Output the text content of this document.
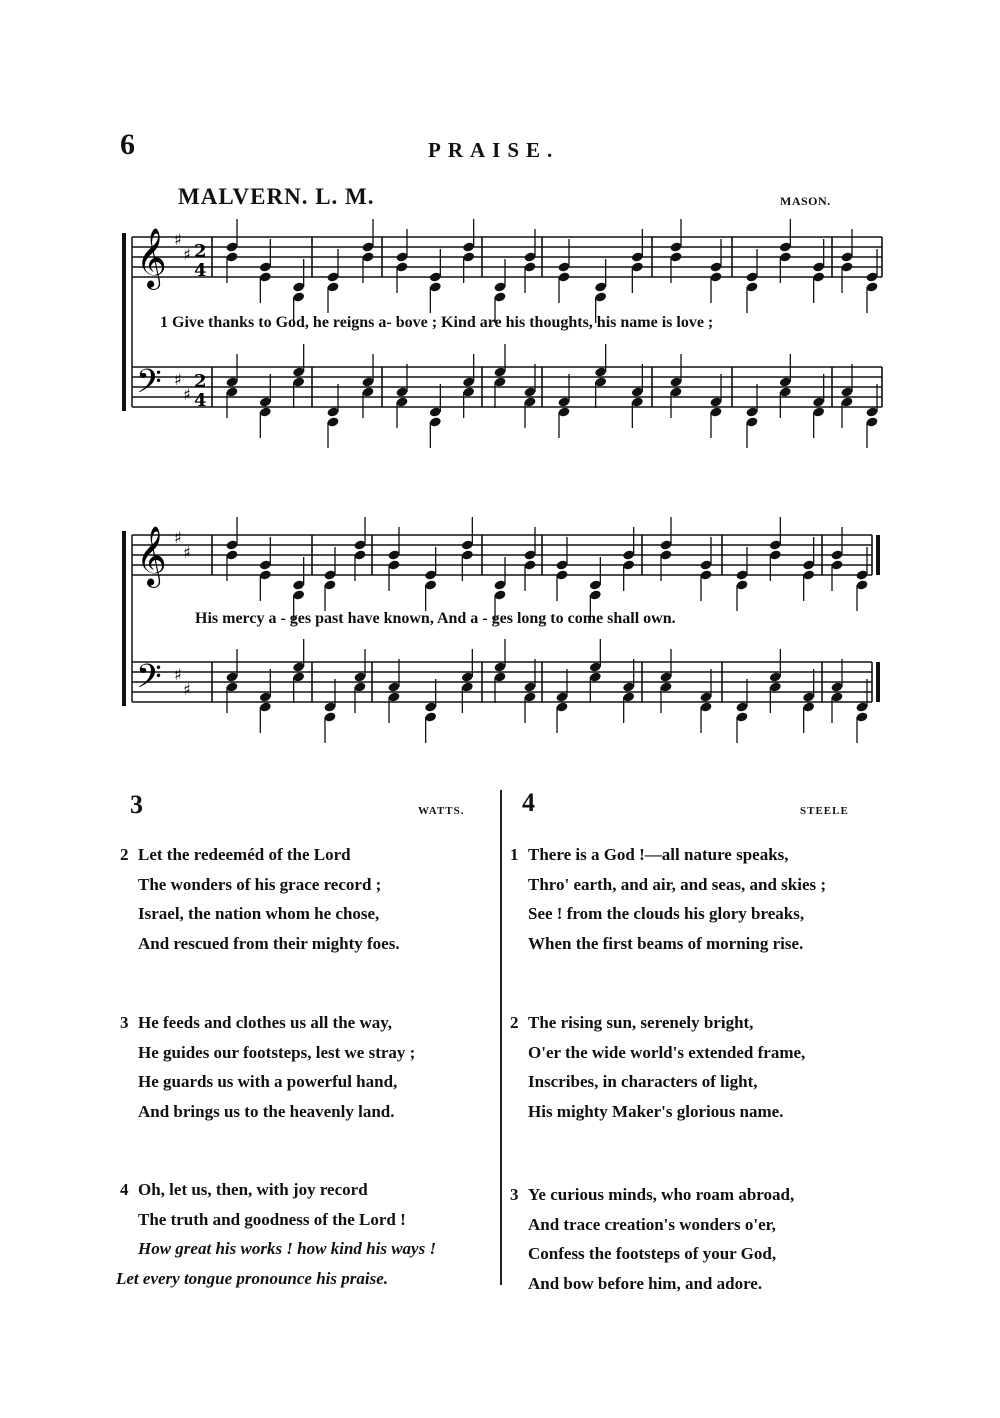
6	PRAISE.
MALVERN. L. M.	MASON.
𝄞 ♯
♯ 2
4
𝄢 ♯
♯
2
4
𝄞 ♯
♯
𝄢 ♯
♯
1 Give thanks to God, he reigns a- bove ; Kind are his thoughts, his name is love ;
His mercy a - ges past have known, And a - ges long to come shall own.
3	WATTS. 4	STEELE
2 Let the redeeméd of the Lord
The wonders of his grace record ;
Israel, the nation whom he chose,
And rescued from their mighty foes.
3 He feeds and clothes us all the way,
He guides our footsteps, lest we stray ;
He guards us with a powerful hand,
And brings us to the heavenly land.
4 Oh, let us, then, with joy record
The truth and goodness of the Lord !
How great his works ! how kind his ways !
Let every tongue pronounce his praise.
1 There is a God !—all nature speaks,
Thro' earth, and air, and seas, and skies ;
See ! from the clouds his glory breaks,
When the first beams of morning rise.
2 The rising sun, serenely bright,
O'er the wide world's extended frame,
Inscribes, in characters of light,
His mighty Maker's glorious name.
3 Ye curious minds, who roam abroad,
And trace creation's wonders o'er,
Confess the footsteps of your God,
And bow before him, and adore.
